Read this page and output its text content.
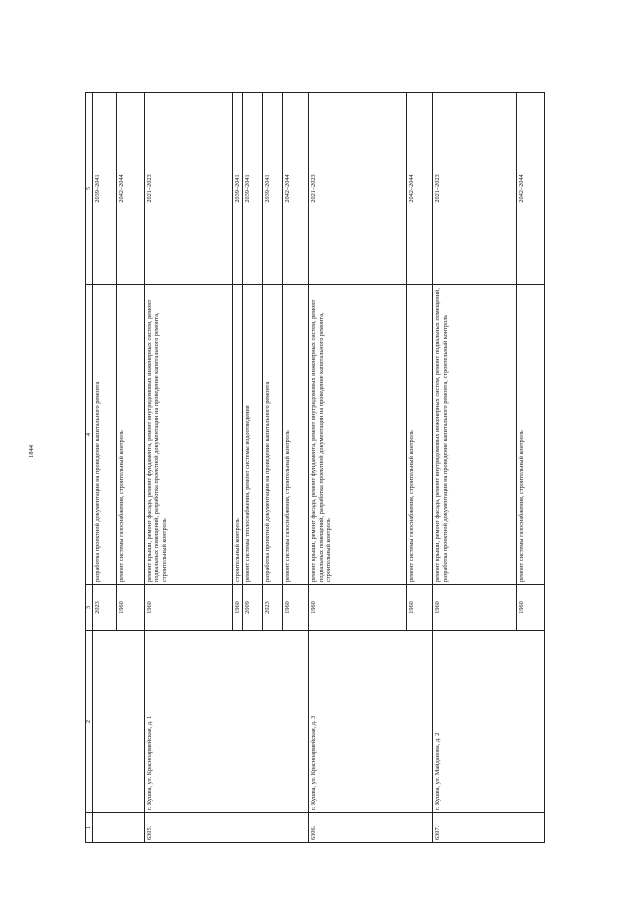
1844
1	2	3	4	5
		2023	разработка проектной документации на проведение капитального ремонта	2039–2041
		1960	ремонт системы газоснабжения, строительный контроль	2042–2044
6305.	г. Кушва, ул. Красноармейская, д. 1	1960	ремонт крыши, ремонт фасада, ремонт фундамента, ремонт внутридомовых инженерных систем, ремонт подвальных помещений, разработка проектной документации на проведение капитального ремонта, строительный контроль	2021–2023
		1960	строительный контроль	2039–2041
		2009	ремонт системы теплоснабжения, ремонт системы водоотведения	2039–2041
		2023	разработка проектной документации на проведение капитального ремонта	2039–2041
		1960	ремонт системы газоснабжения, строительный контроль	2042–2044
6306.	г. Кушва, ул. Красноармейская, д. 3	1960	ремонт крыши, ремонт фасада, ремонт фундамента, ремонт внутридомовых инженерных систем, ремонт подвальных помещений, разработка проектной документации на проведение капитального ремонта, строительный контроль	2021–2023
		1960	ремонт системы газоснабжения, строительный контроль	2042–2044
6307.	г. Кушва, ул. Майданова, д. 2	1960	ремонт крыши, ремонт фасада, ремонт внутридомовых инженерных систем, ремонт подвальных помещений, разработка проектной документации на проведение капитального ремонта, строительный контроль	2021–2023
		1960	ремонт системы газоснабжения, строительный контроль	2042–2044
